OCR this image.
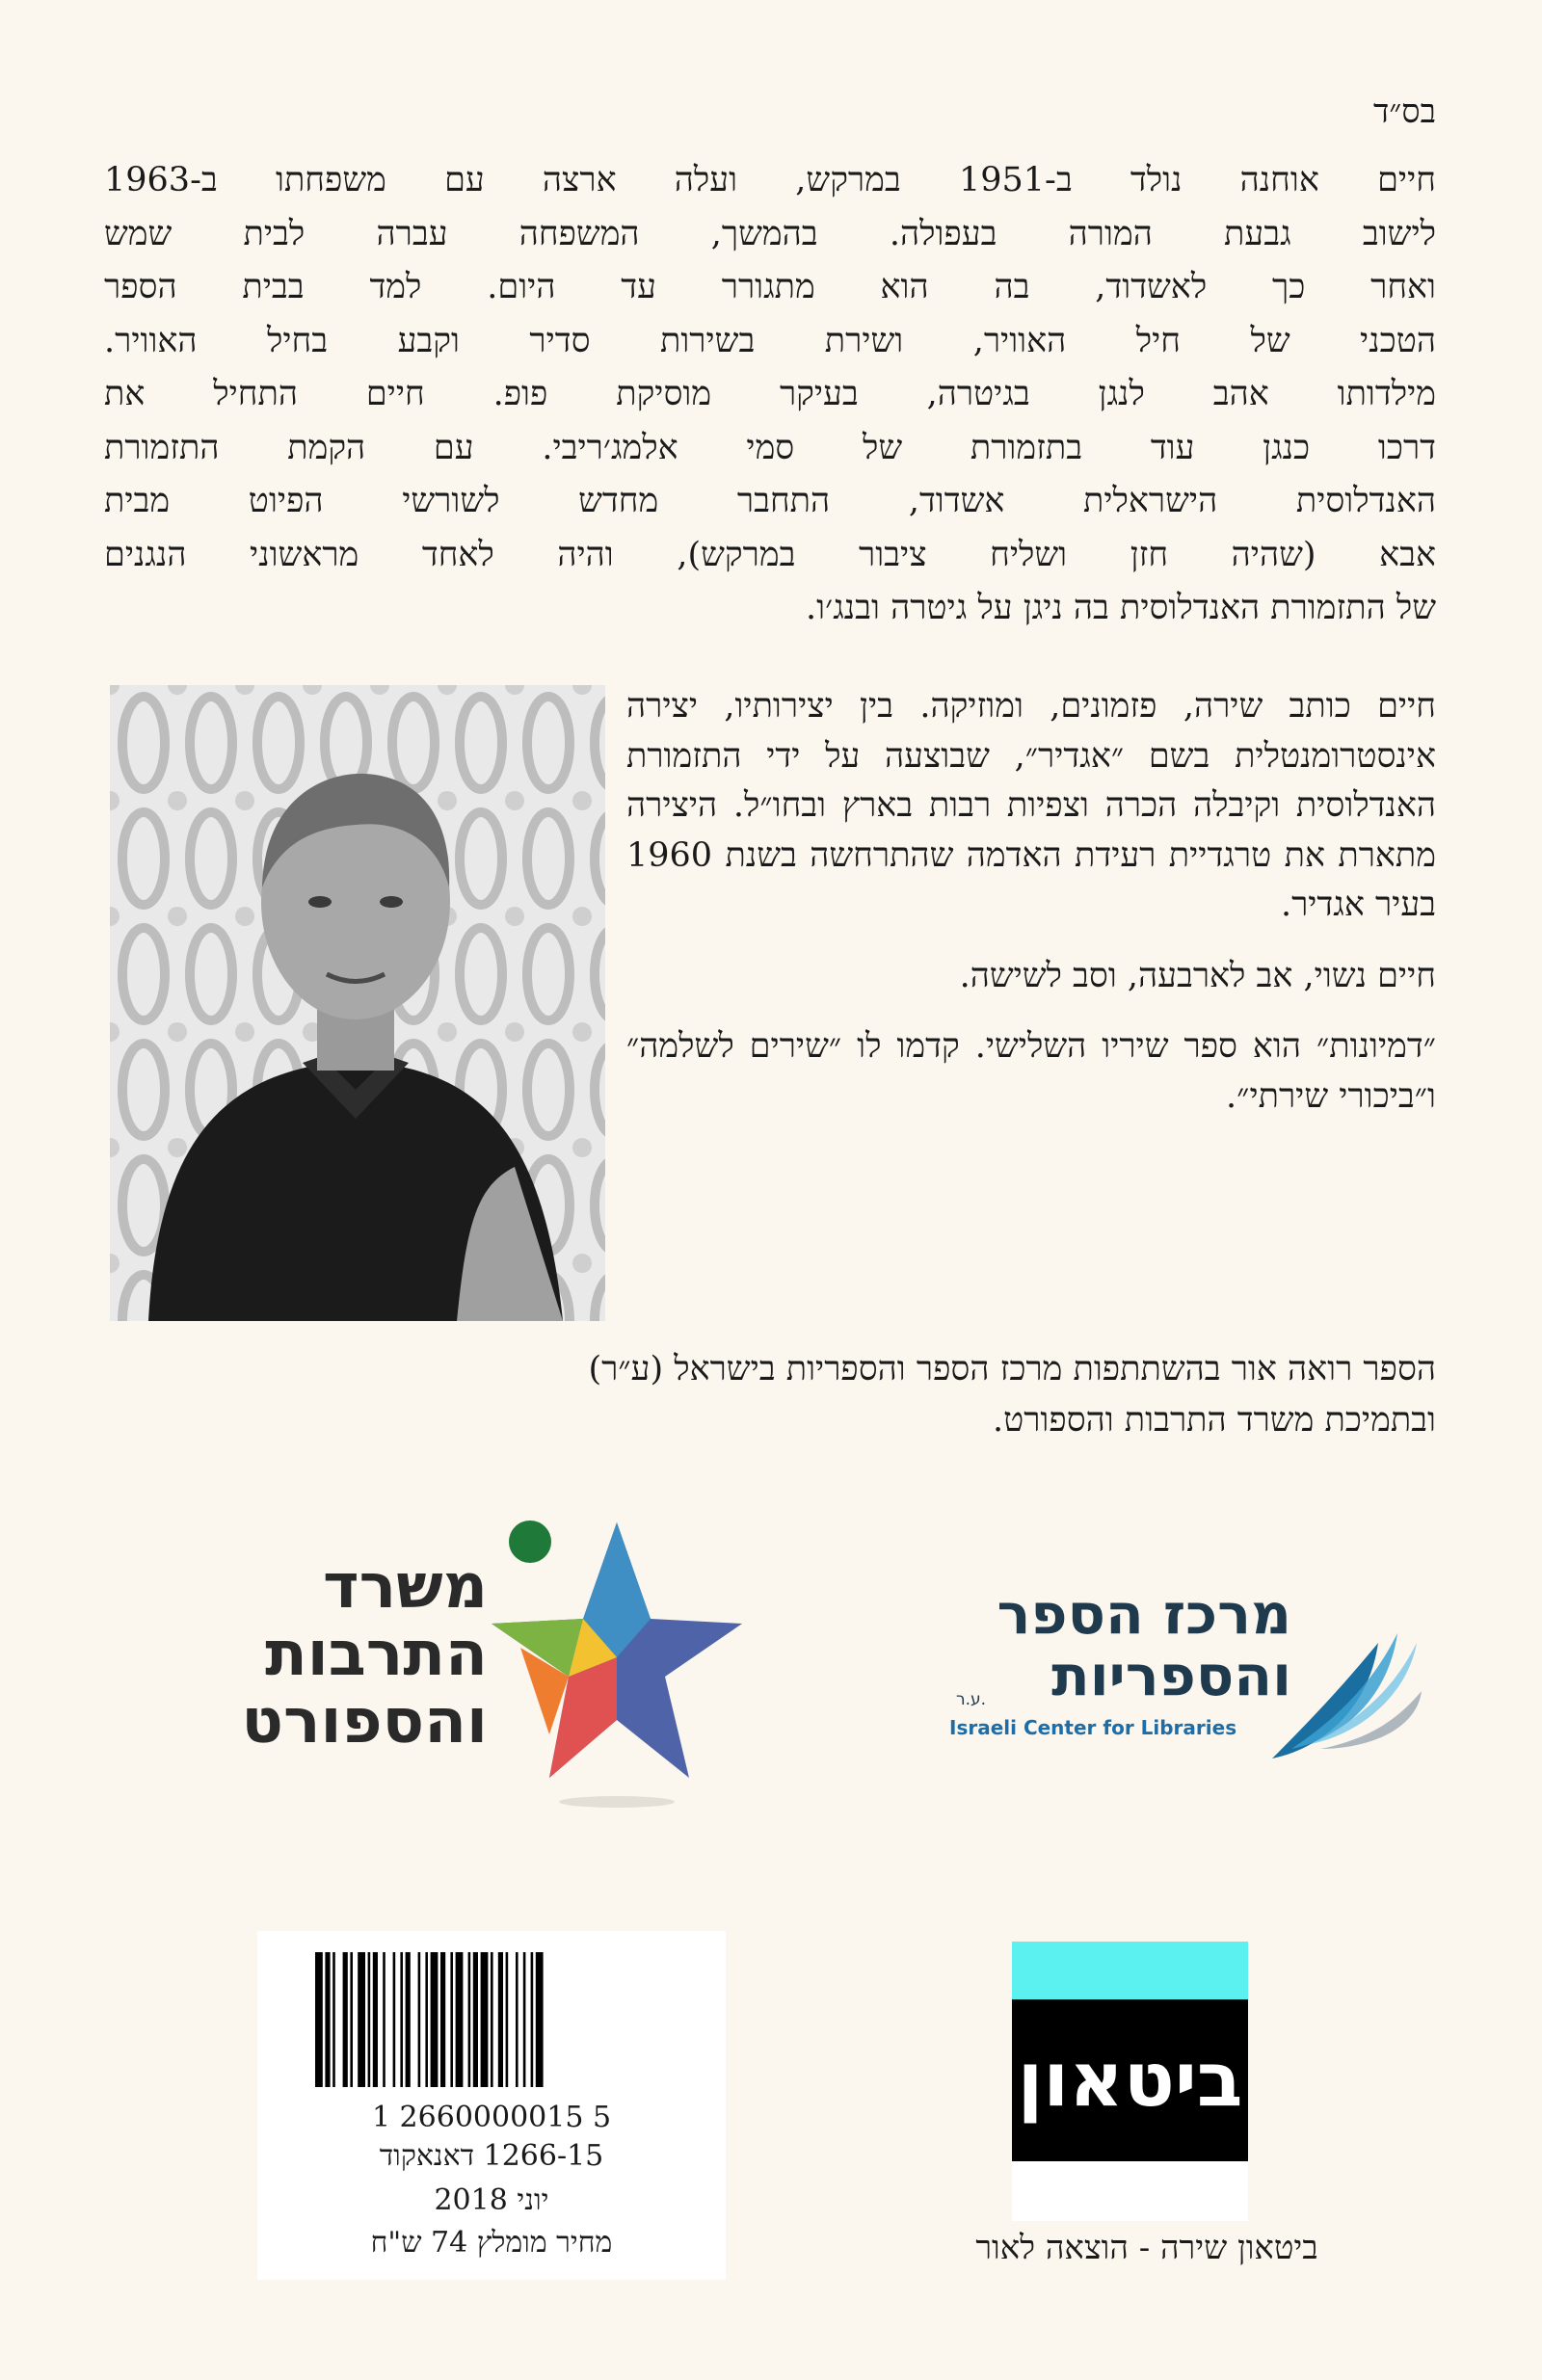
בס״ד
חיים אוחנה נולד ב-1951 במרקש, ועלה ארצה עם משפחתו ב-1963
לישוב גבעת המורה בעפולה. בהמשך, המשפחה עברה לבית שמש
ואחר כך לאשדוד, בה הוא מתגורר עד היום. למד בבית הספר
הטכני של חיל האוויר, ושירת בשירות סדיר וקבע בחיל האוויר.
מילדותו אהב לנגן בגיטרה, בעיקר מוסיקת פופ. חיים התחיל את
דרכו כנגן עוד בתזמורת של סמי אלמג׳ריבי. עם הקמת התזמורת
האנדלוסית הישראלית אשדוד, התחבר מחדש לשורשי הפיוט מבית
אבא (שהיה חזן ושליח ציבור במרקש), והיה לאחד מראשוני הנגנים
של התזמורת האנדלוסית בה ניגן על גיטרה ובנג׳ו.

חיים כותב שירה, פזמונים, ומוזיקה. בין יצירותיו, יצירה אינסטרומנטלית בשם ״אגדיר״, שבוצעה על ידי התזמורת האנדלוסית וקיבלה הכרה וצפיות רבות בארץ ובחו״ל. היצירה מתארת את טרגדיית רעידת האדמה שהתרחשה בשנת 1960 בעיר אגדיר.

חיים נשוי, אב לארבעה, וסב לשישה.

״דמיונות״ הוא ספר שיריו השלישי. קדמו לו ״שירים לשלמה״ ו״ביכורי שירתי״.

הספר רואה אור בהשתתפות מרכז הספר והספריות בישראל (ע״ר)
ובתמיכת משרד התרבות והספורט.
משרד
התרבות
והספורט
מרכז הספר
והספריות
ע.ר.
Israeli Center for Libraries
1 2660000015 5
1266-15 דאנאקוד
יוני 2018
מחיר מומלץ 74 ש"ח
ביטאון
ביטאון שירה - הוצאה לאור
